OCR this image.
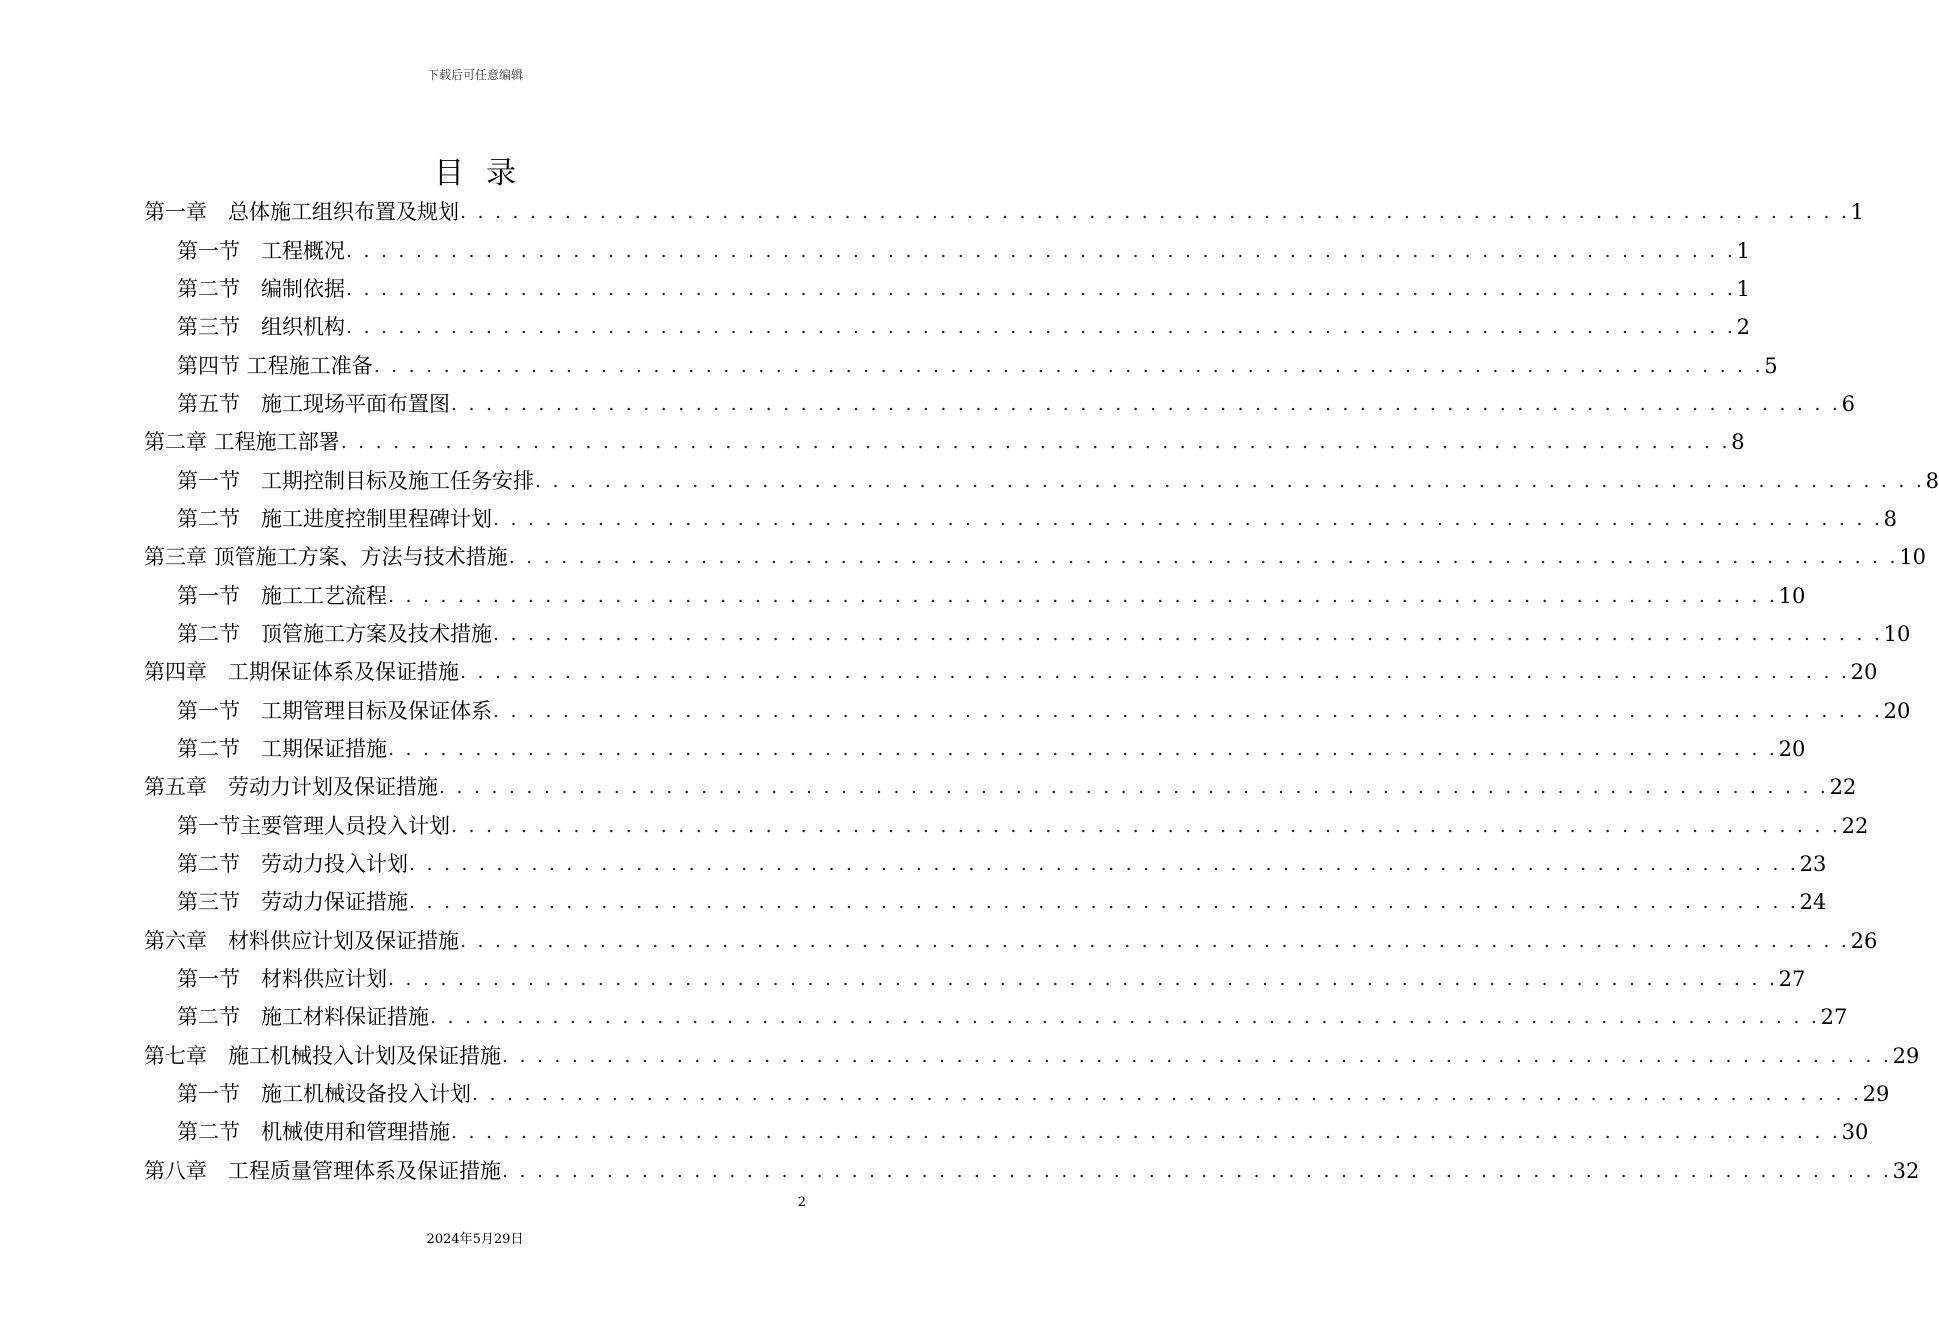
下载后可任意编辑
目录
第一章　总体施工组织布置及规划 . . . . . . . . . . . . . . . . . . . . . . . . . . . . . . . . . . . . . . . . . . . . . . . . . . . . . . . . . . . . . . . . . . . . . . . . . . . . . . . . 1
第一节　工程概况 . . . . . . . . . . . . . . . . . . . . . . . . . . . . . . . . . . . . . . . . . . . . . . . . . . . . . . . . . . . . . . . . . . . . . . . . . . . . . . . . 1
第二节　编制依据 . . . . . . . . . . . . . . . . . . . . . . . . . . . . . . . . . . . . . . . . . . . . . . . . . . . . . . . . . . . . . . . . . . . . . . . . . . . . . . . . 1
第三节　组织机构 . . . . . . . . . . . . . . . . . . . . . . . . . . . . . . . . . . . . . . . . . . . . . . . . . . . . . . . . . . . . . . . . . . . . . . . . . . . . . . . . 2
第四节 工程施工准备 . . . . . . . . . . . . . . . . . . . . . . . . . . . . . . . . . . . . . . . . . . . . . . . . . . . . . . . . . . . . . . . . . . . . . . . . . . . . . . . . 5
第五节　施工现场平面布置图 . . . . . . . . . . . . . . . . . . . . . . . . . . . . . . . . . . . . . . . . . . . . . . . . . . . . . . . . . . . . . . . . . . . . . . . . . . . . . . . . 6
第二章 工程施工部署 . . . . . . . . . . . . . . . . . . . . . . . . . . . . . . . . . . . . . . . . . . . . . . . . . . . . . . . . . . . . . . . . . . . . . . . . . . . . . . . . 8
第一节　工期控制目标及施工任务安排 . . . . . . . . . . . . . . . . . . . . . . . . . . . . . . . . . . . . . . . . . . . . . . . . . . . . . . . . . . . . . . . . . . . . . . . . . . . . . . . . 8
第二节　施工进度控制里程碑计划 . . . . . . . . . . . . . . . . . . . . . . . . . . . . . . . . . . . . . . . . . . . . . . . . . . . . . . . . . . . . . . . . . . . . . . . . . . . . . . . . 8
第三章 顶管施工方案、方法与技术措施 . . . . . . . . . . . . . . . . . . . . . . . . . . . . . . . . . . . . . . . . . . . . . . . . . . . . . . . . . . . . . . . . . . . . . . . . . . . . . . . . 10
第一节　施工工艺流程 . . . . . . . . . . . . . . . . . . . . . . . . . . . . . . . . . . . . . . . . . . . . . . . . . . . . . . . . . . . . . . . . . . . . . . . . . . . . . . . . 10
第二节　顶管施工方案及技术措施 . . . . . . . . . . . . . . . . . . . . . . . . . . . . . . . . . . . . . . . . . . . . . . . . . . . . . . . . . . . . . . . . . . . . . . . . . . . . . . . . 10
第四章　工期保证体系及保证措施 . . . . . . . . . . . . . . . . . . . . . . . . . . . . . . . . . . . . . . . . . . . . . . . . . . . . . . . . . . . . . . . . . . . . . . . . . . . . . . . . 20
第一节　工期管理目标及保证体系 . . . . . . . . . . . . . . . . . . . . . . . . . . . . . . . . . . . . . . . . . . . . . . . . . . . . . . . . . . . . . . . . . . . . . . . . . . . . . . . . 20
第二节　工期保证措施 . . . . . . . . . . . . . . . . . . . . . . . . . . . . . . . . . . . . . . . . . . . . . . . . . . . . . . . . . . . . . . . . . . . . . . . . . . . . . . . . 20
第五章　劳动力计划及保证措施 . . . . . . . . . . . . . . . . . . . . . . . . . . . . . . . . . . . . . . . . . . . . . . . . . . . . . . . . . . . . . . . . . . . . . . . . . . . . . . . . 22
第一节主要管理人员投入计划 . . . . . . . . . . . . . . . . . . . . . . . . . . . . . . . . . . . . . . . . . . . . . . . . . . . . . . . . . . . . . . . . . . . . . . . . . . . . . . . . 22
第二节　劳动力投入计划 . . . . . . . . . . . . . . . . . . . . . . . . . . . . . . . . . . . . . . . . . . . . . . . . . . . . . . . . . . . . . . . . . . . . . . . . . . . . . . . . 23
第三节　劳动力保证措施 . . . . . . . . . . . . . . . . . . . . . . . . . . . . . . . . . . . . . . . . . . . . . . . . . . . . . . . . . . . . . . . . . . . . . . . . . . . . . . . . 24
第六章　材料供应计划及保证措施 . . . . . . . . . . . . . . . . . . . . . . . . . . . . . . . . . . . . . . . . . . . . . . . . . . . . . . . . . . . . . . . . . . . . . . . . . . . . . . . . 26
第一节　材料供应计划 . . . . . . . . . . . . . . . . . . . . . . . . . . . . . . . . . . . . . . . . . . . . . . . . . . . . . . . . . . . . . . . . . . . . . . . . . . . . . . . . 27
第二节　施工材料保证措施 . . . . . . . . . . . . . . . . . . . . . . . . . . . . . . . . . . . . . . . . . . . . . . . . . . . . . . . . . . . . . . . . . . . . . . . . . . . . . . . . 27
第七章　施工机械投入计划及保证措施 . . . . . . . . . . . . . . . . . . . . . . . . . . . . . . . . . . . . . . . . . . . . . . . . . . . . . . . . . . . . . . . . . . . . . . . . . . . . . . . . 29
第一节　施工机械设备投入计划 . . . . . . . . . . . . . . . . . . . . . . . . . . . . . . . . . . . . . . . . . . . . . . . . . . . . . . . . . . . . . . . . . . . . . . . . . . . . . . . . 29
第二节　机械使用和管理措施 . . . . . . . . . . . . . . . . . . . . . . . . . . . . . . . . . . . . . . . . . . . . . . . . . . . . . . . . . . . . . . . . . . . . . . . . . . . . . . . . 30
第八章　工程质量管理体系及保证措施 . . . . . . . . . . . . . . . . . . . . . . . . . . . . . . . . . . . . . . . . . . . . . . . . . . . . . . . . . . . . . . . . . . . . . . . . . . . . . . . . 32
2
2024年5月29日
